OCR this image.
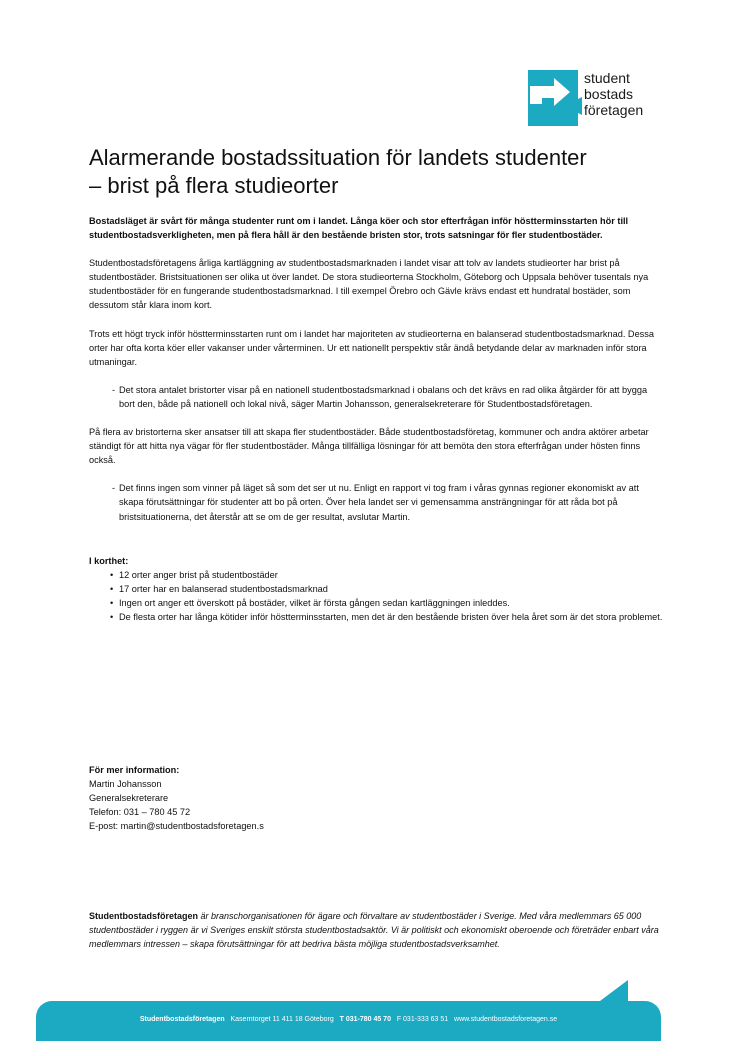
student
bostads
företagen
Alarmerande bostadssituation för landets studenter
– brist på flera studieorter

Bostadsläget är svårt för många studenter runt om i landet. Långa köer och stor efterfrågan inför höstterminsstarten hör till studentbostadsverkligheten, men på flera håll är den bestående bristen stor, trots satsningar för fler studentbostäder.

Studentbostadsföretagens årliga kartläggning av studentbostadsmarknaden i landet visar att tolv av landets studieorter har brist på studentbostäder. Bristsituationen ser olika ut över landet. De stora studieorterna Stockholm, Göteborg och Uppsala behöver tusentals nya studentbostäder för en fungerande studentbostadsmarknad. I till exempel Örebro och Gävle krävs endast ett hundratal bostäder, som dessutom står klara inom kort.

Trots ett högt tryck inför höstterminsstarten runt om i landet har majoriteten av studieorterna en balanserad studentbostadsmarknad. Dessa orter har ofta korta köer eller vakanser under vårterminen. Ur ett nationellt perspektiv står ändå betydande delar av marknaden inför stora utmaningar.

- Det stora antalet bristorter visar på en nationell studentbostadsmarknad i obalans och det krävs en rad olika åtgärder för att bygga bort den, både på nationell och lokal nivå, säger Martin Johansson, generalsekreterare för Studentbostadsföretagen.

På flera av bristorterna sker ansatser till att skapa fler studentbostäder. Både studentbostadsföretag, kommuner och andra aktörer arbetar ständigt för att hitta nya vägar för fler studentbostäder. Många tillfälliga lösningar för att bemöta den stora efterfrågan under hösten finns också.

- Det finns ingen som vinner på läget så som det ser ut nu. Enligt en rapport vi tog fram i våras gynnas regioner ekonomiskt av att skapa förutsättningar för studenter att bo på orten. Över hela landet ser vi gemensamma ansträngningar för att råda bot på bristsituationerna, det återstår att se om de ger resultat, avslutar Martin.

I korthet:
• 12 orter anger brist på studentbostäder
• 17 orter har en balanserad studentbostadsmarknad
• Ingen ort anger ett överskott på bostäder, vilket är första gången sedan kartläggningen inleddes.
• De flesta orter har långa kötider inför höstterminsstarten, men det är den bestående bristen över hela året som är det stora problemet.
För mer information:
Martin Johansson
Generalsekreterare
Telefon: 031 – 780 45 72
E-post: martin@studentbostadsforetagen.s
Studentbostadsföretagen är branschorganisationen för ägare och förvaltare av studentbostäder i Sverige. Med våra medlemmars 65 000 studentbostäder i ryggen är vi Sveriges enskilt största studentbostadsaktör. Vi är politiskt och ekonomiskt oberoende och företräder enbart våra medlemmars intressen – skapa förutsättningar för att bedriva bästa möjliga studentbostadsverksamhet.
Studentbostadsföretagen Kaserntorget 11 411 18 Göteborg T 031-780 45 70 F 031-333 63 51 www.studentbostadsforetagen.se
